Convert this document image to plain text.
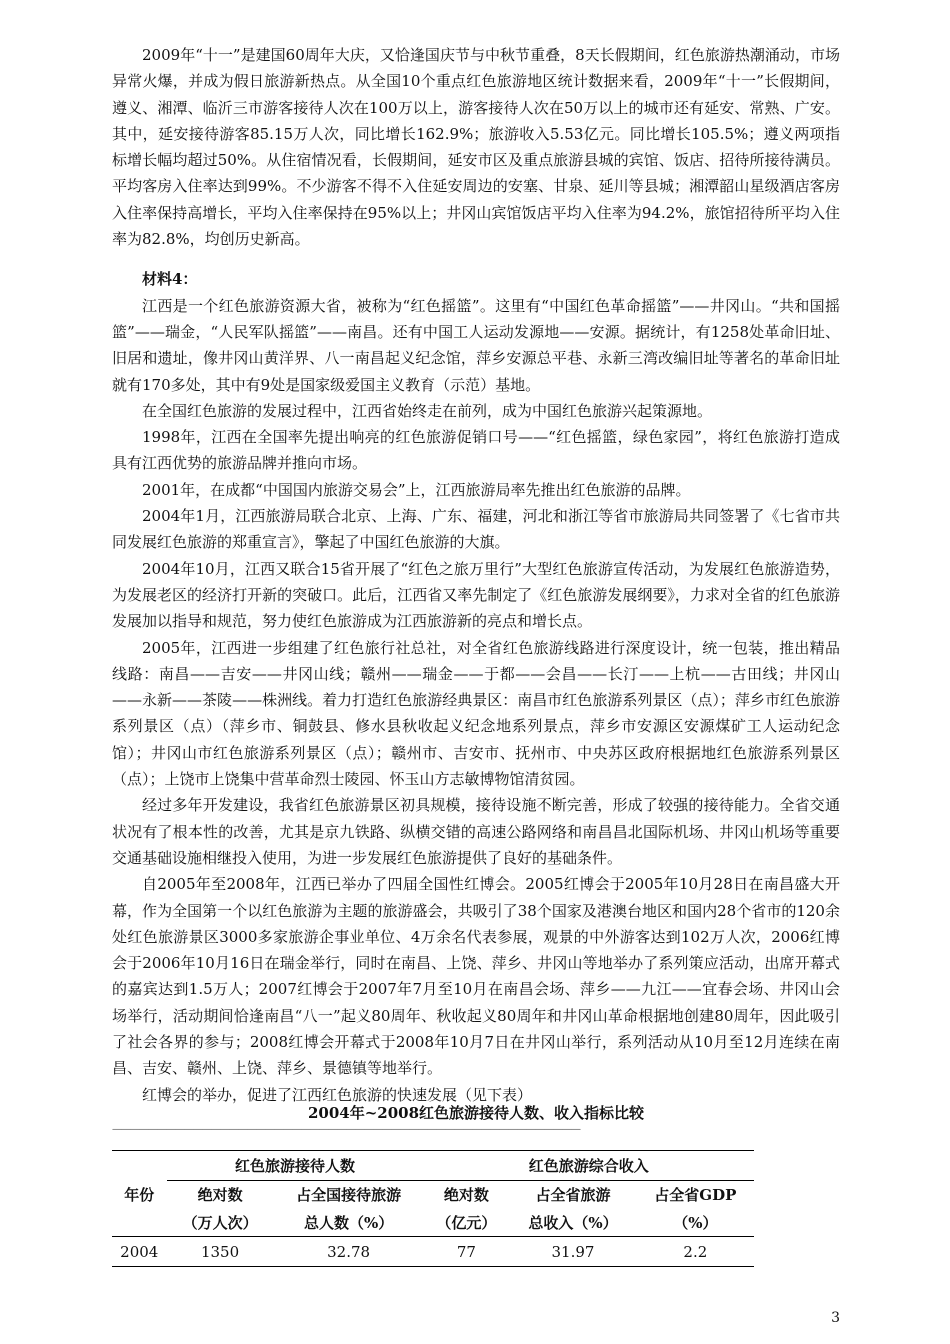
2009年“十一”是建国60周年大庆，又恰逢国庆节与中秋节重叠，8天长假期间，红色旅游热潮涌动，市场异常火爆，并成为假日旅游新热点。从全国10个重点红色旅游地区统计数据来看，2009年“十一”长假期间，遵义、湘潭、临沂三市游客接待人次在100万以上，游客接待人次在50万以上的城市还有延安、常熟、广安。其中，延安接待游客85.15万人次，同比增长162.9%；旅游收入5.53亿元。同比增长105.5%；遵义两项指标增长幅均超过50%。从住宿情况看，长假期间，延安市区及重点旅游县城的宾馆、饭店、招待所接待满员。平均客房入住率达到99%。不少游客不得不入住延安周边的安塞、甘泉、延川等县城；湘潭韶山星级酒店客房入住率保持高增长，平均入住率保持在95%以上；井冈山宾馆饭店平均入住率为94.2%，旅馆招待所平均入住率为82.8%，均创历史新高。

材料4：

江西是一个红色旅游资源大省，被称为“红色摇篮”。这里有“中国红色革命摇篮”——井冈山。“共和国摇篮”——瑞金，“人民军队摇篮”——南昌。还有中国工人运动发源地——安源。据统计，有1258处革命旧址、旧居和遗址，像井冈山黄洋界、八一南昌起义纪念馆，萍乡安源总平巷、永新三湾改编旧址等著名的革命旧址就有170多处，其中有9处是国家级爱国主义教育（示范）基地。

在全国红色旅游的发展过程中，江西省始终走在前列，成为中国红色旅游兴起策源地。

1998年，江西在全国率先提出响亮的红色旅游促销口号——“红色摇篮，绿色家园”，将红色旅游打造成具有江西优势的旅游品牌并推向市场。

2001年，在成都“中国国内旅游交易会”上，江西旅游局率先推出红色旅游的品牌。

2004年1月，江西旅游局联合北京、上海、广东、福建，河北和浙江等省市旅游局共同签署了《七省市共同发展红色旅游的郑重宣言》，擎起了中国红色旅游的大旗。

2004年10月，江西又联合15省开展了“红色之旅万里行”大型红色旅游宣传活动，为发展红色旅游造势，为发展老区的经济打开新的突破口。此后，江西省又率先制定了《红色旅游发展纲要》，力求对全省的红色旅游发展加以指导和规范，努力使红色旅游成为江西旅游新的亮点和增长点。

2005年，江西进一步组建了红色旅行社总社，对全省红色旅游线路进行深度设计，统一包装，推出精品线路：南昌——吉安——井冈山线；赣州——瑞金——于都——会昌——长汀——上杭——古田线；井冈山——永新——茶陵——株洲线。着力打造红色旅游经典景区：南昌市红色旅游系列景区（点）；萍乡市红色旅游系列景区（点）（萍乡市、铜鼓县、修水县秋收起义纪念地系列景点，萍乡市安源区安源煤矿工人运动纪念馆）；井冈山市红色旅游系列景区（点）；赣州市、吉安市、抚州市、中央苏区政府根据地红色旅游系列景区（点）；上饶市上饶集中营革命烈士陵园、怀玉山方志敏博物馆清贫园。

经过多年开发建设，我省红色旅游景区初具规模，接待设施不断完善，形成了较强的接待能力。全省交通状况有了根本性的改善，尤其是京九铁路、纵横交错的高速公路网络和南昌昌北国际机场、井冈山机场等重要交通基础设施相继投入使用，为进一步发展红色旅游提供了良好的基础条件。

自2005年至2008年，江西已举办了四届全国性红博会。2005红博会于2005年10月28日在南昌盛大开幕，作为全国第一个以红色旅游为主题的旅游盛会，共吸引了38个国家及港澳台地区和国内28个省市的120余处红色旅游景区3000多家旅游企事业单位、4万余名代表参展，观景的中外游客达到102万人次，2006红博会于2006年10月16日在瑞金举行，同时在南昌、上饶、萍乡、井冈山等地举办了系列策应活动，出席开幕式的嘉宾达到1.5万人；2007红博会于2007年7月至10月在南昌会场、萍乡——九江——宜春会场、井冈山会场举行，活动期间恰逢南昌“八一”起义80周年、秋收起义80周年和井冈山革命根据地创建80周年，因此吸引了社会各界的参与；2008红博会开幕式于2008年10月7日在井冈山举行，系列活动从10月至12月连续在南昌、吉安、赣州、上饶、萍乡、景德镇等地举行。

红博会的举办，促进了江西红色旅游的快速发展（见下表）

2004年~2008红色旅游接待人数、收入指标比较
————————————————————————————————————————————————————
	红色旅游接待人数		红色旅游综合收入		
年份	绝对数	占全国接待旅游	绝对数	占全省旅游	占全省GDP
	（万人次）	总人数（%）	（亿元）	总收入（%）	（%）
2004	1350	32.78	77	31.97	2.2
3
